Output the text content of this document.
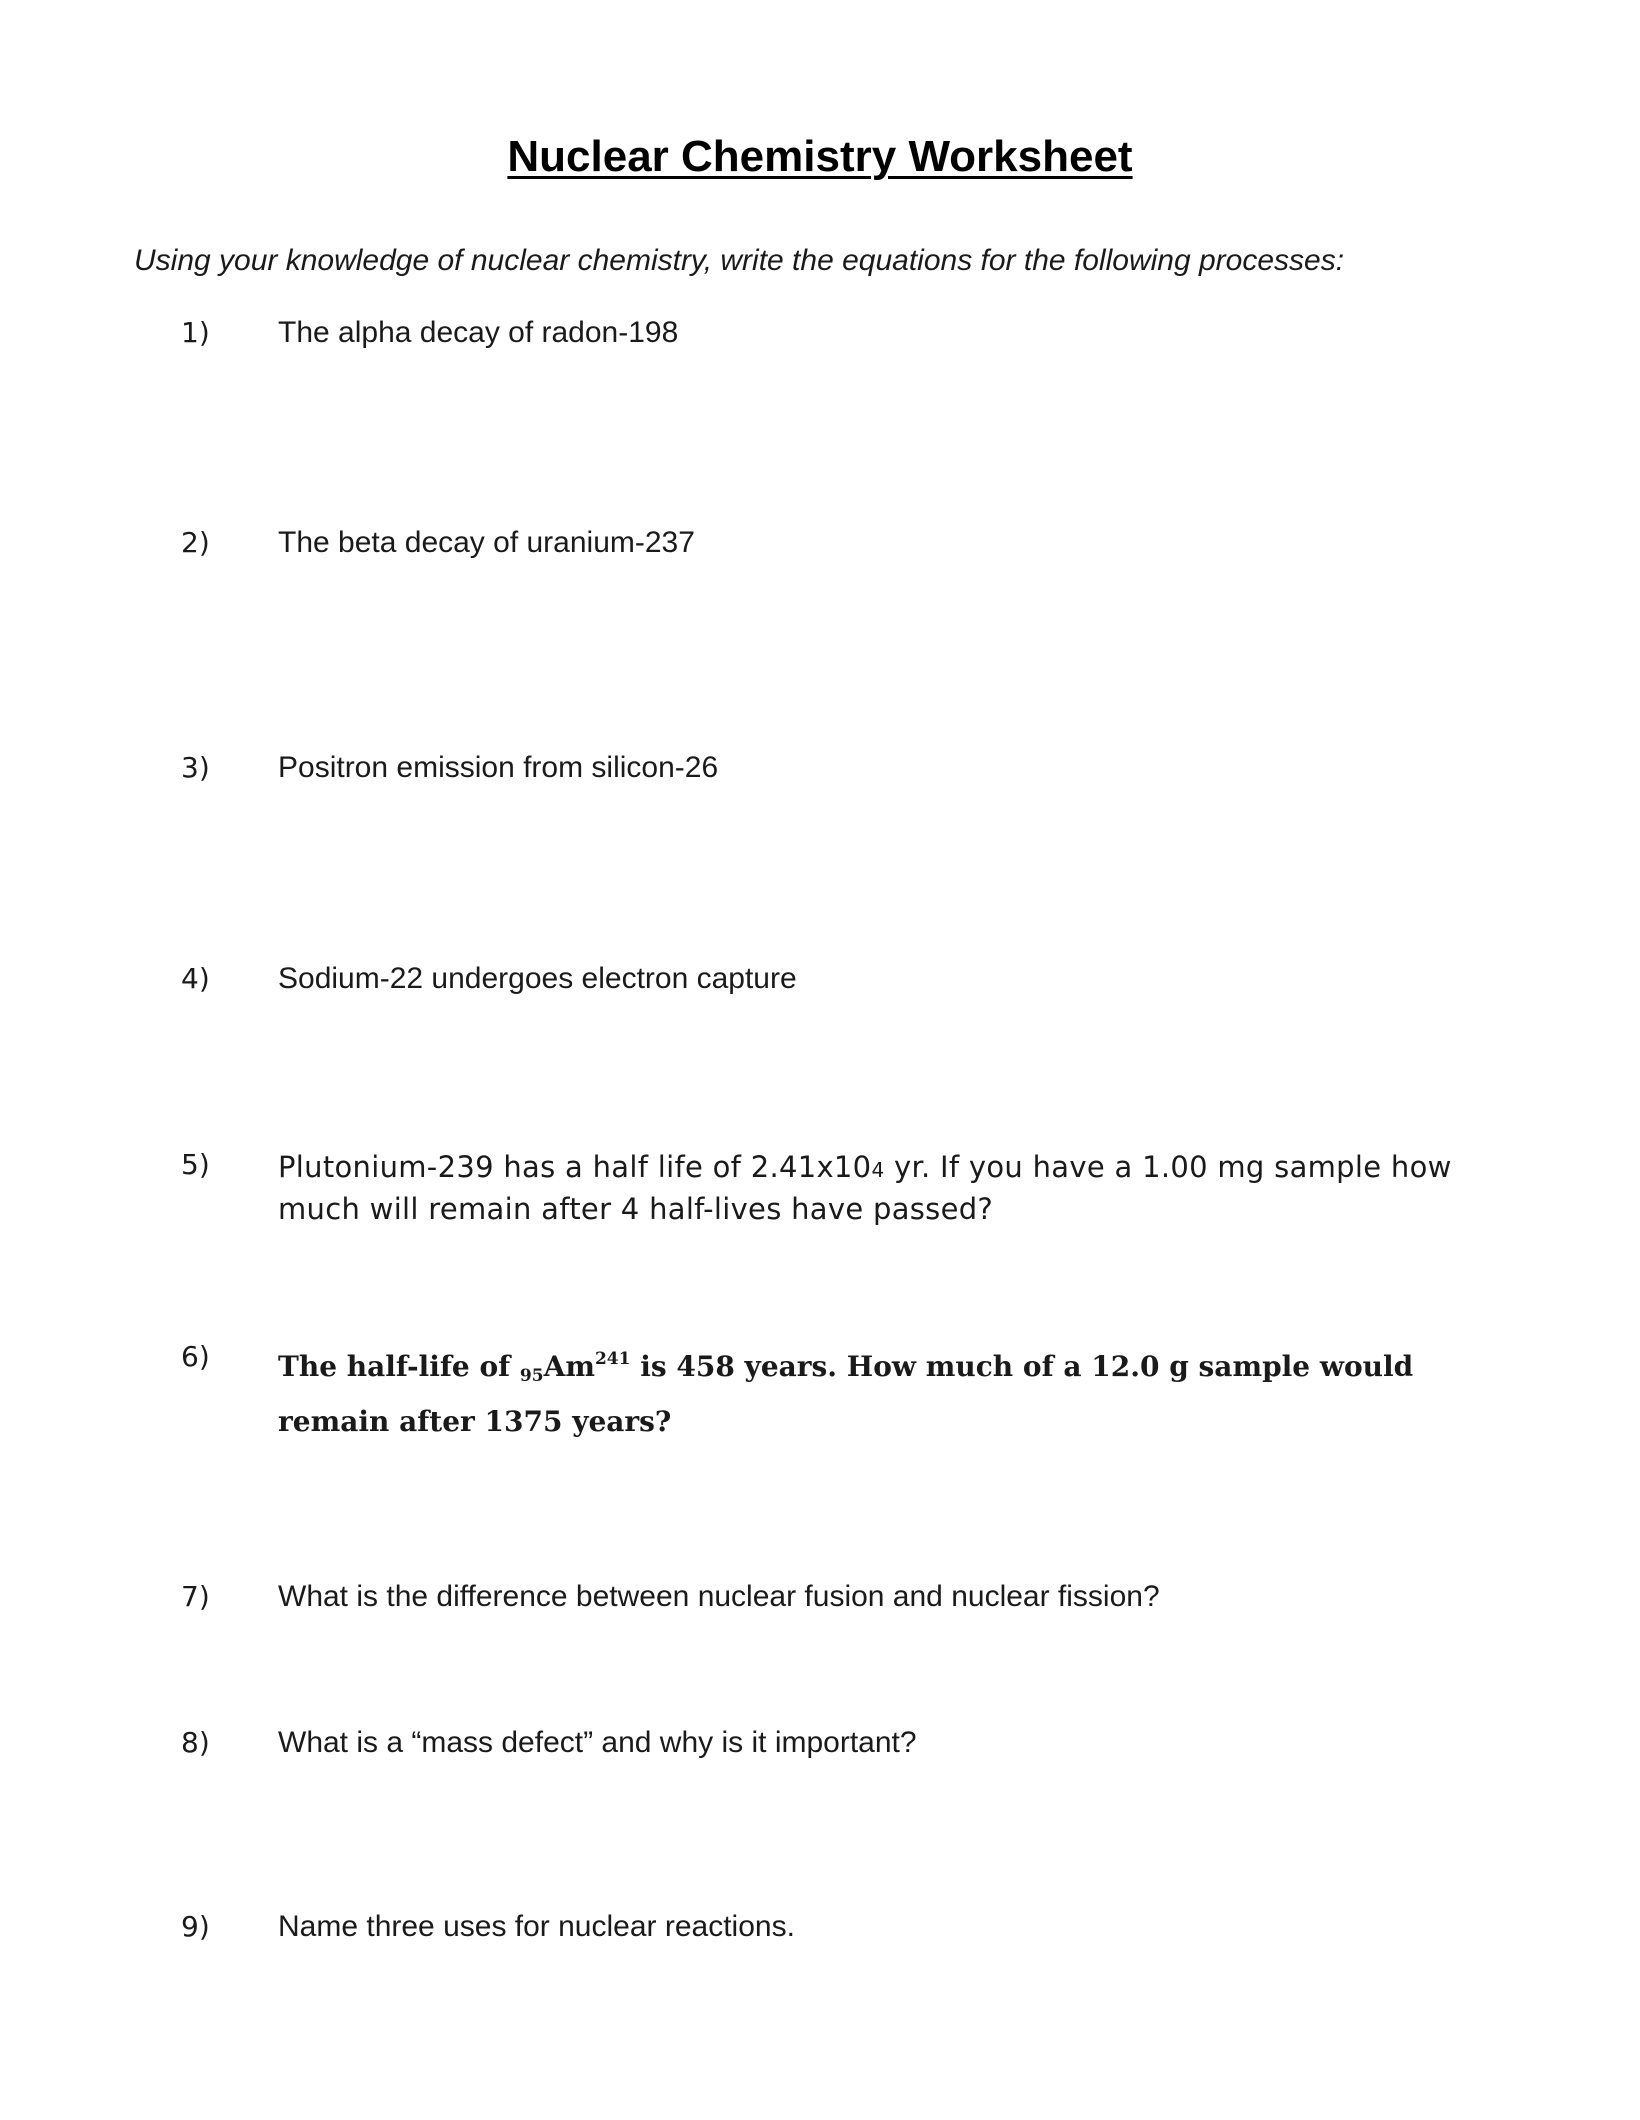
Nuclear Chemistry Worksheet
Using your knowledge of nuclear chemistry, write the equations for the following processes:
1) The alpha decay of radon-198
2) The beta decay of uranium-237
3) Positron emission from silicon-26
4) Sodium-22 undergoes electron capture
5) Plutonium-239 has a half life of 2.41x104 yr. If you have a 1.00 mg sample how much will remain after 4 half-lives have passed?
6) The half-life of $_{95}Am^{241}$ is 458 years. How much of a 12.0 g sample would remain after 1375 years?
7) What is the difference between nuclear fusion and nuclear fission?
8) What is a “mass defect” and why is it important?
9) Name three uses for nuclear reactions.
